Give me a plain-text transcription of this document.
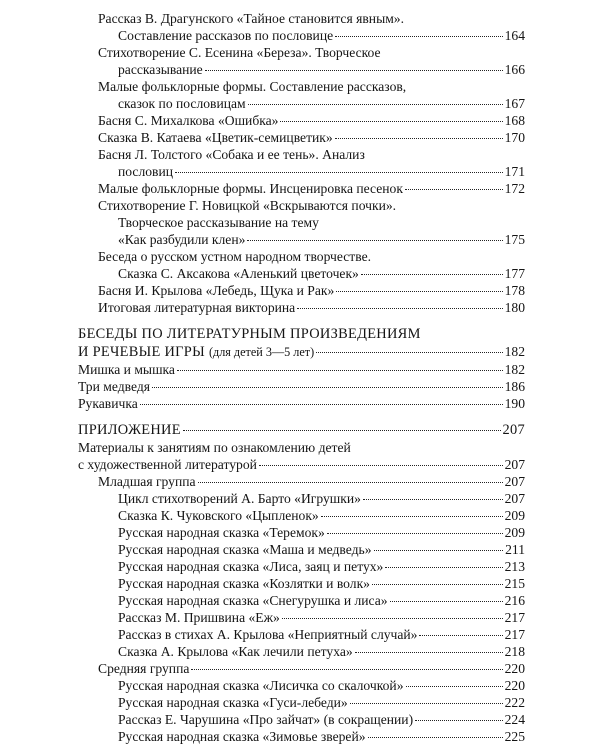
Рассказ В. Драгунского «Тайное становится явным».
Составление рассказов по пословице	164
Стихотворение С. Есенина «Береза». Творческое
рассказывание	166
Малые фольклорные формы. Составление рассказов,
сказок по пословицам	167
Басня С. Михалкова «Ошибка»	168
Сказка В. Катаева «Цветик-семицветик»	170
Басня Л. Толстого «Собака и ее тень». Анализ
пословиц	171
Малые фольклорные формы. Инсценировка песенок	172
Стихотворение Г. Новицкой «Вскрываются почки».
Творческое рассказывание на тему
«Как разбудили клен»	175
Беседа о русском устном народном творчестве.
Сказка С. Аксакова «Аленький цветочек»	177
Басня И. Крылова «Лебедь, Щука и Рак»	178
Итоговая литературная викторина	180
БЕСЕДЫ ПО ЛИТЕРАТУРНЫМ ПРОИЗВЕДЕНИЯМ
И РЕЧЕВЫЕ ИГРЫ (для детей 3—5 лет)	182
Мишка и мышка	182
Три медведя	186
Рукавичка	190
ПРИЛОЖЕНИЕ	207
Материалы к занятиям по ознакомлению детей
с художественной литературой	207
Младшая группа	207
Цикл стихотворений А. Барто «Игрушки»	207
Сказка К. Чуковского «Цыпленок»	209
Русская народная сказка «Теремок»	209
Русская народная сказка «Маша и медведь»	211
Русская народная сказка «Лиса, заяц и петух»	213
Русская народная сказка «Козлятки и волк»	215
Русская народная сказка «Снегурушка и лиса»	216
Рассказ М. Пришвина «Еж»	217
Рассказ в стихах А. Крылова «Неприятный случай»	217
Сказка А. Крылова «Как лечили петуха»	218
Средняя группа	220
Русская народная сказка «Лисичка со скалочкой»	220
Русская народная сказка «Гуси-лебеди»	222
Рассказ Е. Чарушина «Про зайчат» (в сокращении)	224
Русская народная сказка «Зимовье зверей»	225
